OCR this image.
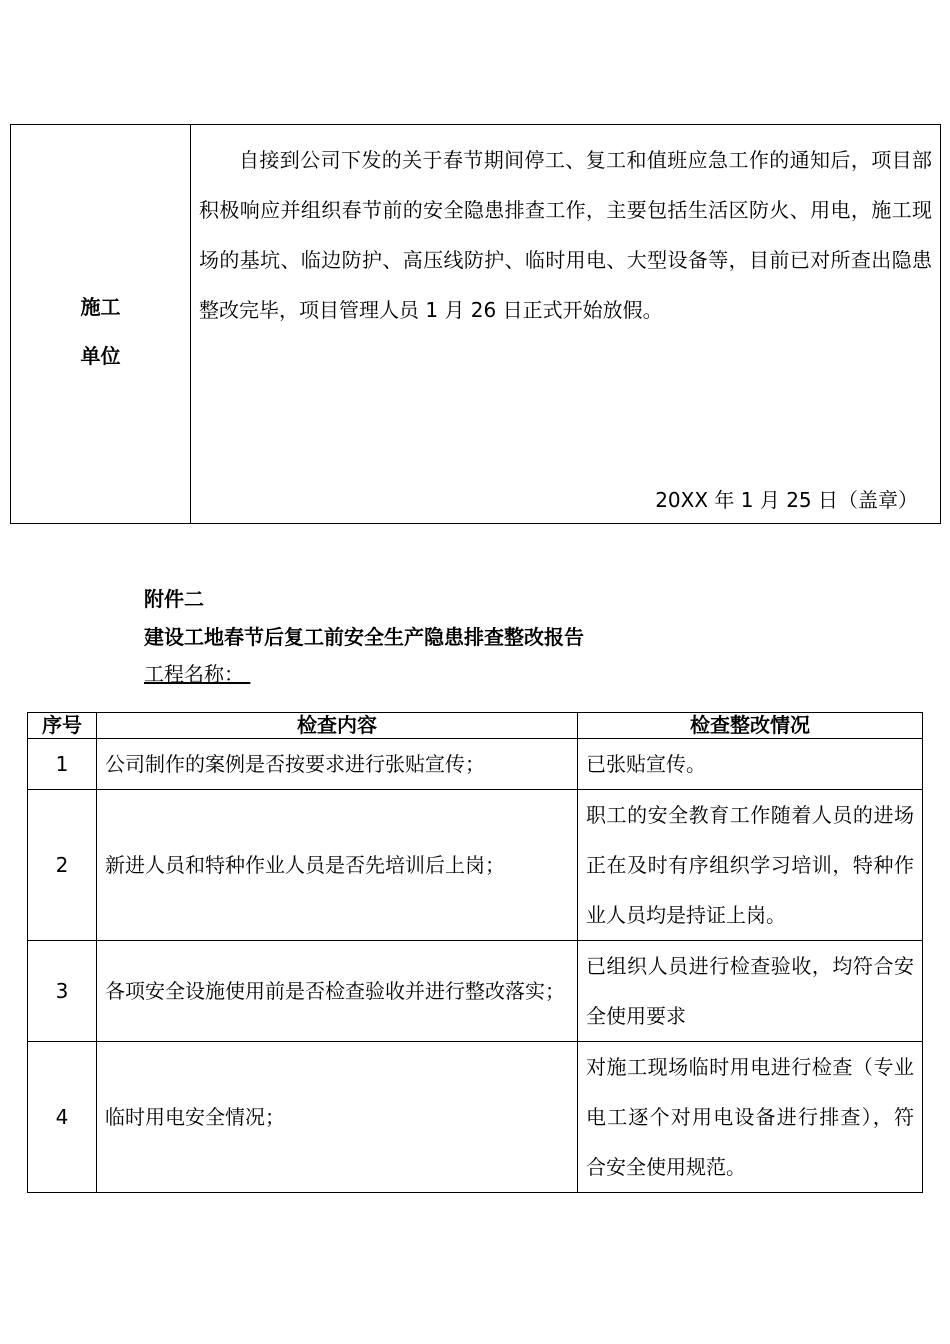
施工
单位

自接到公司下发的关于春节期间停工、复工和值班应急工作的通知后，项目部积极响应并组织春节前的安全隐患排查工作，主要包括生活区防火、用电，施工现场的基坑、临边防护、高压线防护、临时用电、大型设备等，目前已对所查出隐患整改完毕，项目管理人员 1 月 26 日正式开始放假。

20XX 年 1 月 25 日（盖章）

附件二

建设工地春节后复工前安全生产隐患排查整改报告

工程名称：

序号	检查内容	检查整改情况
1	公司制作的案例是否按要求进行张贴宣传；	已张贴宣传。
2	新进人员和特种作业人员是否先培训后上岗；	职工的安全教育工作随着人员的进场正在及时有序组织学习培训，特种作业人员均是持证上岗。
3	各项安全设施使用前是否检查验收并进行整改落实；	已组织人员进行检查验收，均符合安全使用要求
4	临时用电安全情况；	对施工现场临时用电进行检查（专业电工逐个对用电设备进行排查），符合安全使用规范。
